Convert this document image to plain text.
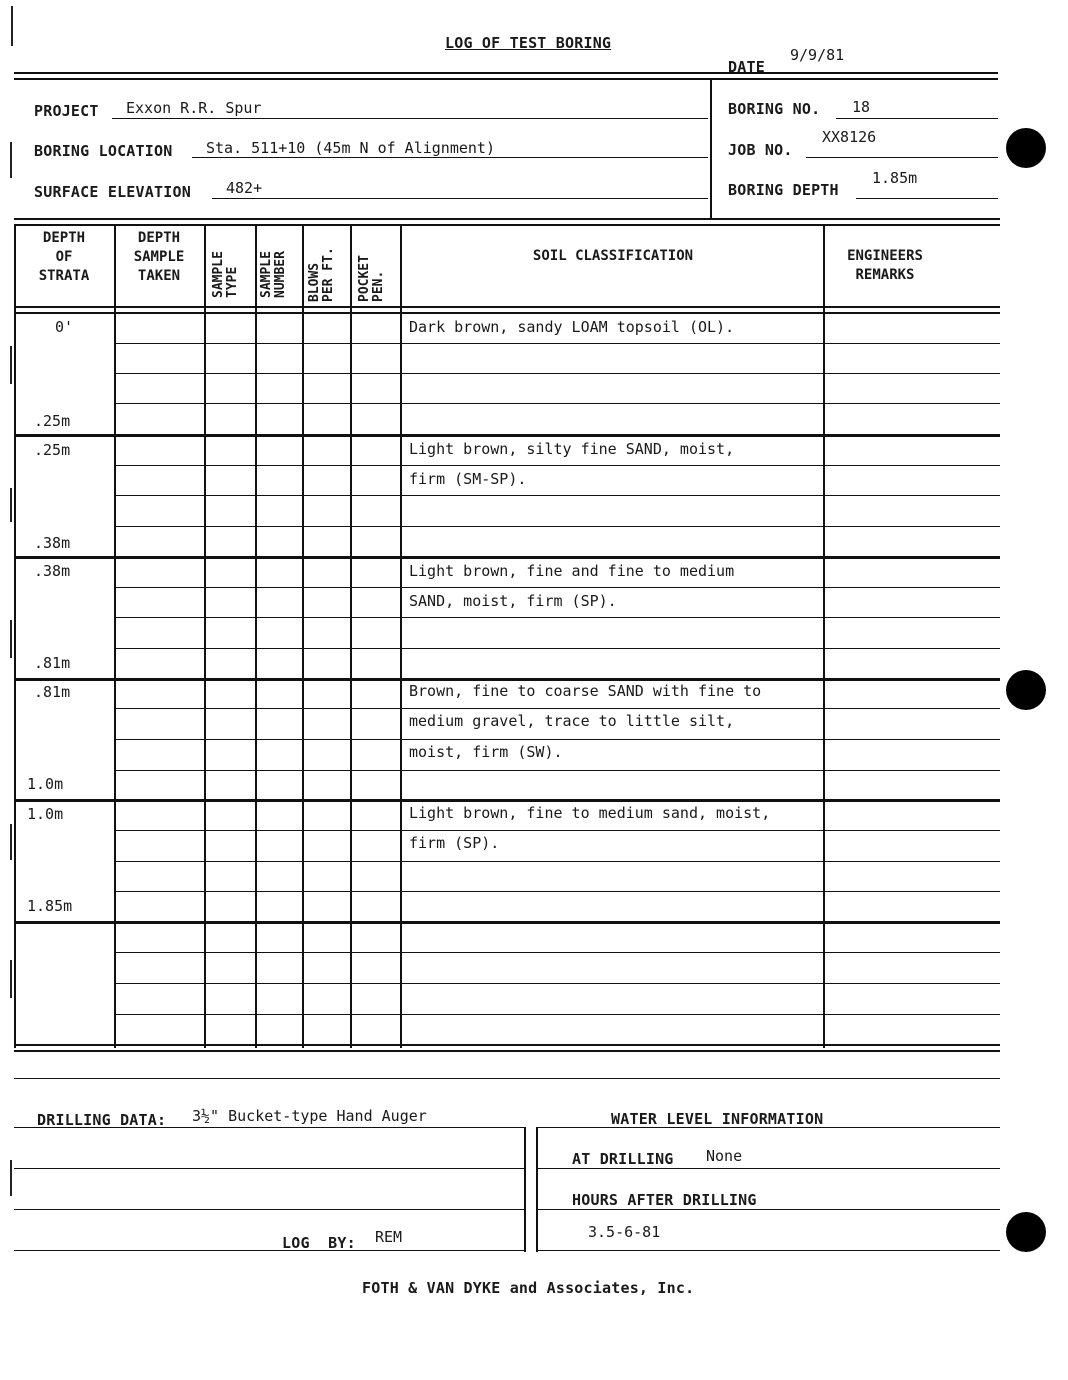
LOG OF TEST BORING
DATE
9/9/81
PROJECT Exxon R.R. Spur
BORING LOCATION Sta. 511+10 (45m N of Alignment)
SURFACE ELEVATION 482+
BORING NO. 18
JOB NO.
XX8126
BORING DEPTH
1.85m
DEPTH
OF
STRATA
DEPTH
SAMPLE
TAKEN	SAMPLE TYPE SAMPLE NUMBER BLOWS PER FT. POCKET PEN.
SOIL CLASSIFICATION	ENGINEERS
REMARKS
0'
.25m
.25m
.38m
.38m
.81m
.81m
1.0m
1.0m
1.85m
Dark brown, sandy LOAM topsoil (OL).
Light brown, silty fine SAND, moist,
firm (SM-SP).
Light brown, fine and fine to medium
SAND, moist, firm (SP).
Brown, fine to coarse SAND with fine to
medium gravel, trace to little silt,
moist, firm (SW).
Light brown, fine to medium sand, moist,
firm (SP).
DRILLING DATA: 3½" Bucket-type Hand Auger
LOG  BY: REM
WATER LEVEL INFORMATION
AT DRILLING None
HOURS AFTER DRILLING
3.5-6-81
FOTH & VAN DYKE and Associates, Inc.
